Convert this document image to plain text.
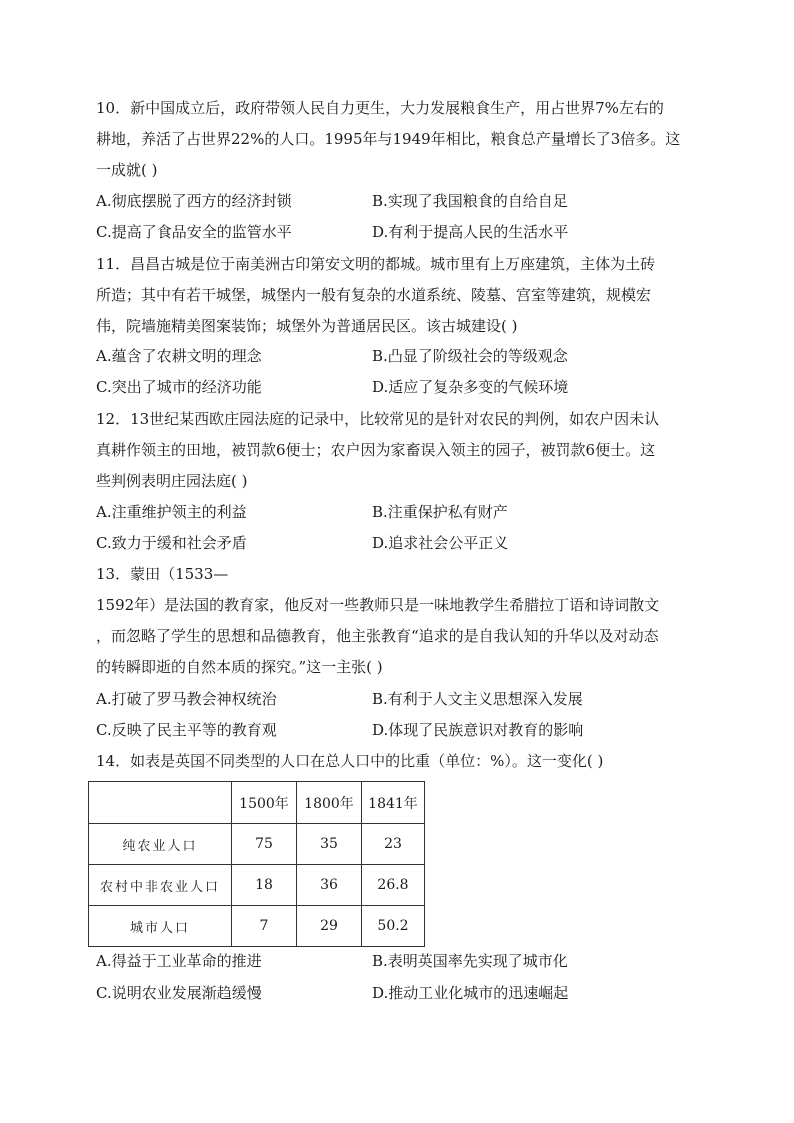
10．新中国成立后，政府带领人民自力更生，大力发展粮食生产，用占世界7%左右的
耕地，养活了占世界22%的人口。1995年与1949年相比，粮食总产量增长了3倍多。这
一成就( )
A.彻底摆脱了西方的经济封锁	B.实现了我国粮食的自给自足
C.提高了食品安全的监管水平	D.有利于提高人民的生活水平
11．昌昌古城是位于南美洲古印第安文明的都城。城市里有上万座建筑，主体为土砖
所造；其中有若干城堡，城堡内一般有复杂的水道系统、陵墓、宫室等建筑，规模宏
伟，院墙施精美图案装饰；城堡外为普通居民区。该古城建设( )
A.蕴含了农耕文明的理念	B.凸显了阶级社会的等级观念
C.突出了城市的经济功能	D.适应了复杂多变的气候环境
12．13世纪某西欧庄园法庭的记录中，比较常见的是针对农民的判例，如农户因未认
真耕作领主的田地，被罚款6便士；农户因为家畜误入领主的园子，被罚款6便士。这
些判例表明庄园法庭( )
A.注重维护领主的利益	B.注重保护私有财产
C.致力于缓和社会矛盾	D.追求社会公平正义
13．蒙田（1533—
1592年）是法国的教育家，他反对一些教师只是一味地教学生希腊拉丁语和诗词散文
，而忽略了学生的思想和品德教育，他主张教育“追求的是自我认知的升华以及对动态
的转瞬即逝的自然本质的探究。”这一主张( )
A.打破了罗马教会神权统治	B.有利于人文主义思想深入发展
C.反映了民主平等的教育观	D.体现了民族意识对教育的影响
14．如表是英国不同类型的人口在总人口中的比重（单位：%）。这一变化( )
	1500年	1800年	1841年
纯农业人口	75	35	23
农村中非农业人口	18	36	26.8
城市人口	7	29	50.2
A.得益于工业革命的推进	B.表明英国率先实现了城市化
C.说明农业发展渐趋缓慢	D.推动工业化城市的迅速崛起
